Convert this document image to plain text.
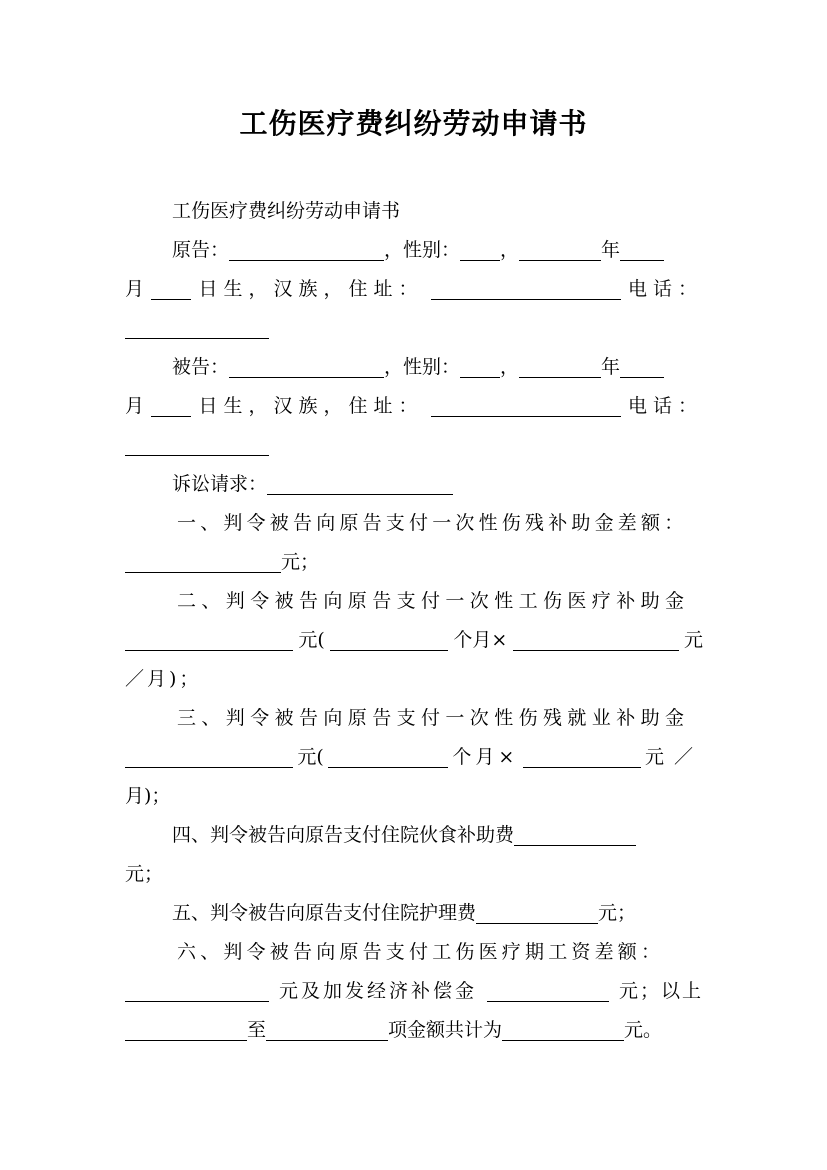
工伤医疗费纠纷劳动申请书
工伤医疗费纠纷劳动申请书
原告：	，性别： ，	年
月	日生，汉族，住址：	电话：
被告：	，性别： ，	年
月	日生，汉族，住址：	电话：
诉讼请求：
一、判令被告向原告支付一次性伤残补助金差额：
元；
二、判令被告向原告支付一次性工伤医疗补助金
元(	个月×	元
／月)；
三、判令被告向原告支付一次性伤残就业补助金
元(	个月×	元／
月)；
四、判令被告向原告支付住院伙食补助费
元；
五、判令被告向原告支付住院护理费	元；
六、判令被告向原告支付工伤医疗期工资差额：
元及加发经济补偿金	元；以上
至	项金额共计为	元。
